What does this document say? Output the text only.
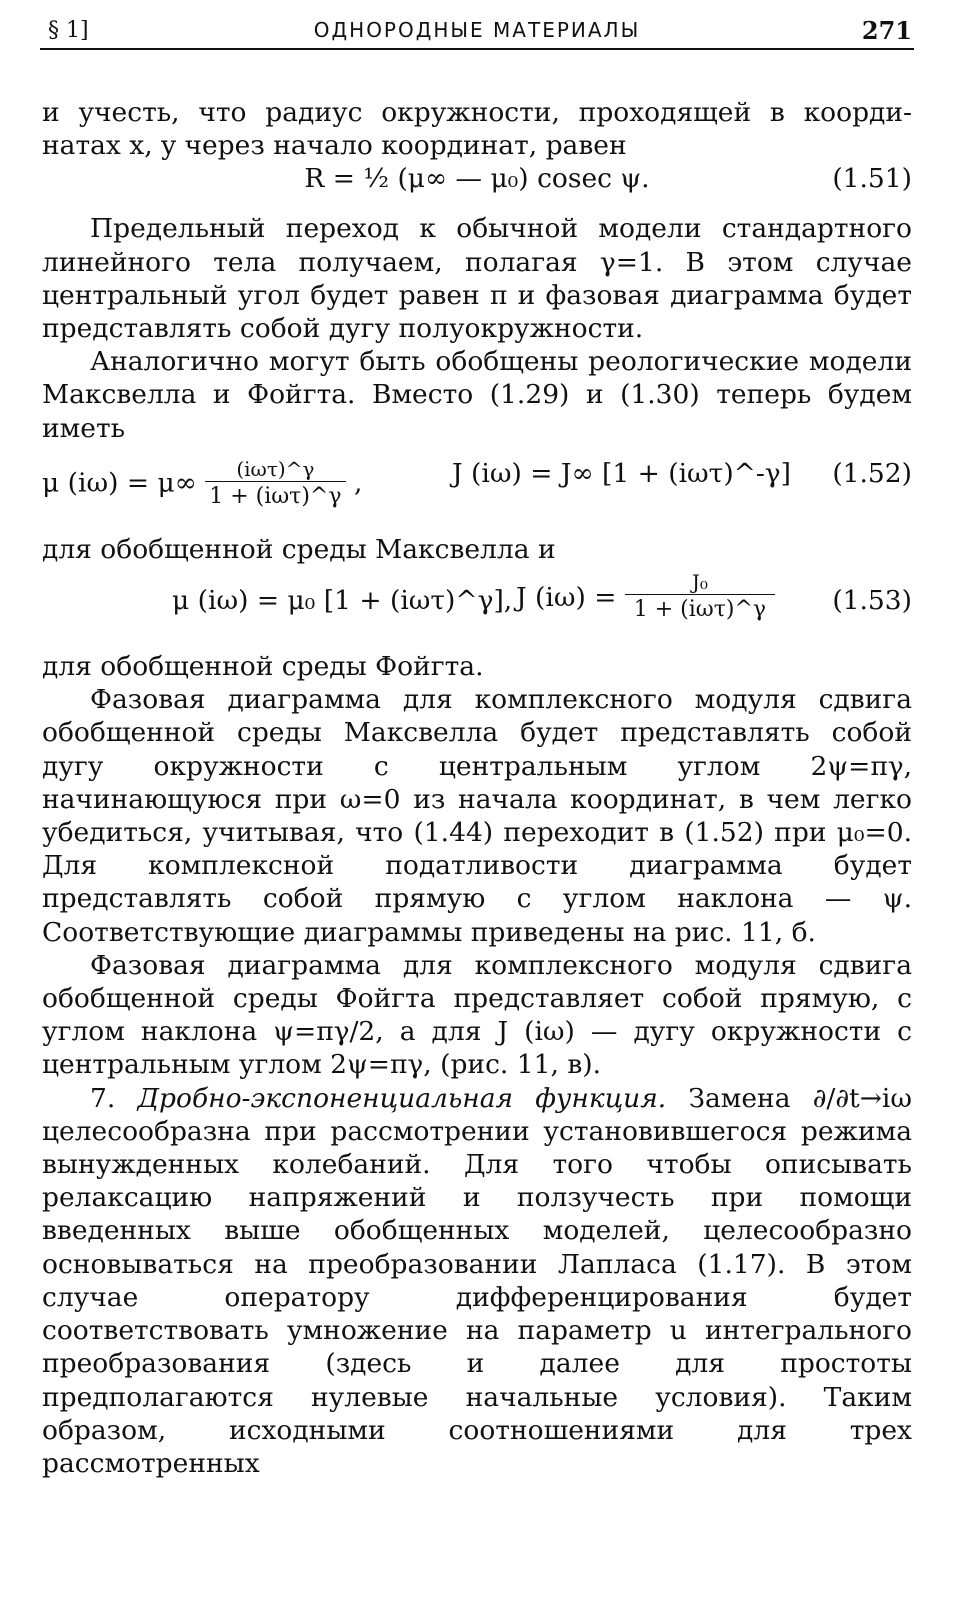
§ 1]	ОДНОРОДНЫЕ МАТЕРИАЛЫ	271

и учесть, что радиус окружности, проходящей в коорди-

натах x, y через начало координат, равен

R = ½ (μ∞ — μ₀) cosec ψ.	(1.51)

Предельный переход к обычной модели стандартного линейного тела получаем, полагая γ=1. В этом случае центральный угол будет равен π и фазовая диаграмма будет представлять собой дугу полуокружности.

Аналогично могут быть обобщены реологические модели Максвелла и Фойгта. Вместо (1.29) и (1.30) теперь будем иметь

μ $(i\omega) = \mu\infty \frac{\text{(iωτ)\textasciicircum{}γ}}{\text{1 + (iωτ)\textasciicircum{}γ}}$ ,	J (iω) = J∞ [1 + (iωτ)^-γ] (1.52)

для обобщенной среды Максвелла и

μ (iω) = μ₀ [1 + (iωτ)^γ], J $(i\omega) = \frac{\text{J₀}}{\text{1 + (iωτ)\textasciicircum{}γ}} (1.53)$

для обобщенной среды Фойгта.

Фазовая диаграмма для комплексного модуля сдвига обобщенной среды Максвелла будет представлять собой дугу окружности с центральным углом 2ψ=πγ, начинающуюся при ω=0 из начала координат, в чем легко убедиться, учитывая, что (1.44) переходит в (1.52) при μ₀=0. Для комплексной податливости диаграмма будет представлять собой прямую с углом наклона — ψ. Соответствующие диаграммы приведены на рис. 11, б.

Фазовая диаграмма для комплексного модуля сдвига обобщенной среды Фойгта представляет собой прямую, с углом наклона ψ=πγ/2, а для J (iω) — дугу окружности с центральным углом 2ψ=πγ, (рис. 11, в).

7. Дробно-экспоненциальная функция. Замена ∂/∂t→iω целесообразна при рассмотрении установившегося режима вынужденных колебаний. Для того чтобы описывать релаксацию напряжений и ползучесть при помощи введенных выше обобщенных моделей, целесообразно основываться на преобразовании Лапласа (1.17). В этом случае оператору дифференцирования будет соответствовать умножение на параметр u интегрального преобразования (здесь и далее для простоты предполагаются нулевые начальные условия). Таким образом, исходными соотношениями для трех рассмотренных
